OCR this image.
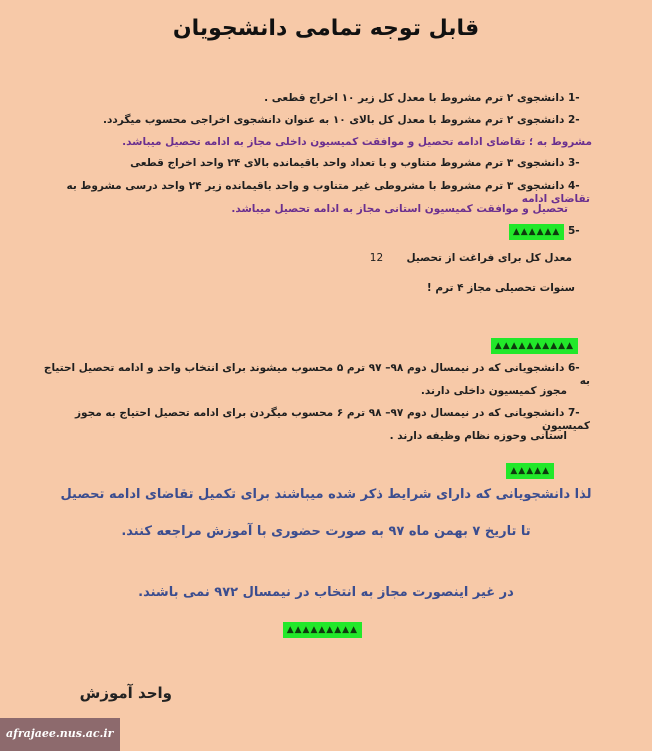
قابل توجه تمامی دانشجویان
1- دانشجوی ۲ ترم مشروط با معدل کل زیر ۱۰ اخراج قطعی .
2- دانشجوی ۲ ترم مشروط با معدل کل بالای ۱۰ به عنوان دانشجوی اخراجی محسوب میگردد.
مشروط به ؛ تقاضای ادامه تحصیل و موافقت کمیسیون داخلی مجاز به ادامه تحصیل میباشد.
3- دانشجوی ۳ ترم مشروط متناوب و با تعداد واحد باقیمانده بالای ۲۴ واحد اخراج قطعی
4- دانشجوی ۳ ترم مشروط با مشروطی غیر متناوب و واحد باقیمانده زیر ۲۴ واحد درسی مشروط به تقاضای ادامه
تحصیل و موافقت کمیسیون استانی مجاز به ادامه تحصیل میباشد.
5- ▲▲▲▲▲▲
معدل کل برای فراغت از تحصیل  12
سنوات تحصیلی مجاز ۴ ترم !
▲▲▲▲▲▲▲▲▲▲
6- دانشجویانی که در نیمسال دوم ۹۸– ۹۷ ترم ۵ محسوب میشوند برای انتخاب واحد و ادامه تحصیل احتیاج به
مجوز کمیسیون داخلی دارند.
7- دانشجویانی که در نیمسال دوم ۹۷– ۹۸ ترم ۶ محسوب میگردن برای ادامه تحصیل احتیاج به مجوز کمیسیون
استانی وحوزه نظام وظیفه دارند .
▲▲▲▲▲
لذا دانشجویانی که دارای شرایط ذکر شده میباشند برای تکمیل تقاضای ادامه تحصیل
تا تاریخ ۷ بهمن ماه ۹۷ به صورت حضوری با آموزش مراجعه کنند.
در غیر اینصورت مجاز به انتخاب در نیمسال ۹۷۲ نمی باشند.
▲▲▲▲▲▲▲▲▲
واحد آموزش
afrajaee.nus.ac.ir
